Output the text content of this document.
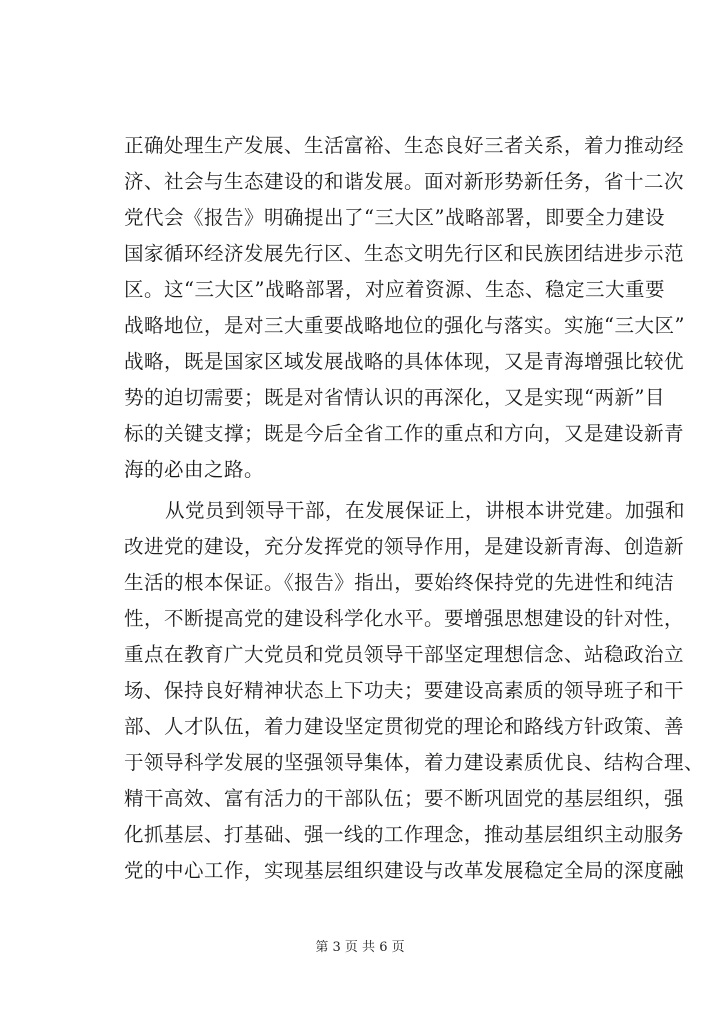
正确处理生产发展、生活富裕、生态良好三者关系，着力推动经
济、社会与生态建设的和谐发展。面对新形势新任务，省十二次
党代会《报告》明确提出了“三大区”战略部署，即要全力建设
国家循环经济发展先行区、生态文明先行区和民族团结进步示范
区。这“三大区”战略部署，对应着资源、生态、稳定三大重要
战略地位，是对三大重要战略地位的强化与落实。实施“三大区”
战略，既是国家区域发展战略的具体体现，又是青海增强比较优
势的迫切需要；既是对省情认识的再深化，又是实现“两新”目
标的关键支撑；既是今后全省工作的重点和方向，又是建设新青
海的必由之路。
从党员到领导干部，在发展保证上，讲根本讲党建。加强和
改进党的建设，充分发挥党的领导作用，是建设新青海、创造新
生活的根本保证。《报告》指出，要始终保持党的先进性和纯洁
性，不断提高党的建设科学化水平。要增强思想建设的针对性，
重点在教育广大党员和党员领导干部坚定理想信念、站稳政治立
场、保持良好精神状态上下功夫；要建设高素质的领导班子和干
部、人才队伍，着力建设坚定贯彻党的理论和路线方针政策、善
于领导科学发展的坚强领导集体，着力建设素质优良、结构合理、
精干高效、富有活力的干部队伍；要不断巩固党的基层组织，强
化抓基层、打基础、强一线的工作理念，推动基层组织主动服务
党的中心工作，实现基层组织建设与改革发展稳定全局的深度融
第 3 页 共 6 页
